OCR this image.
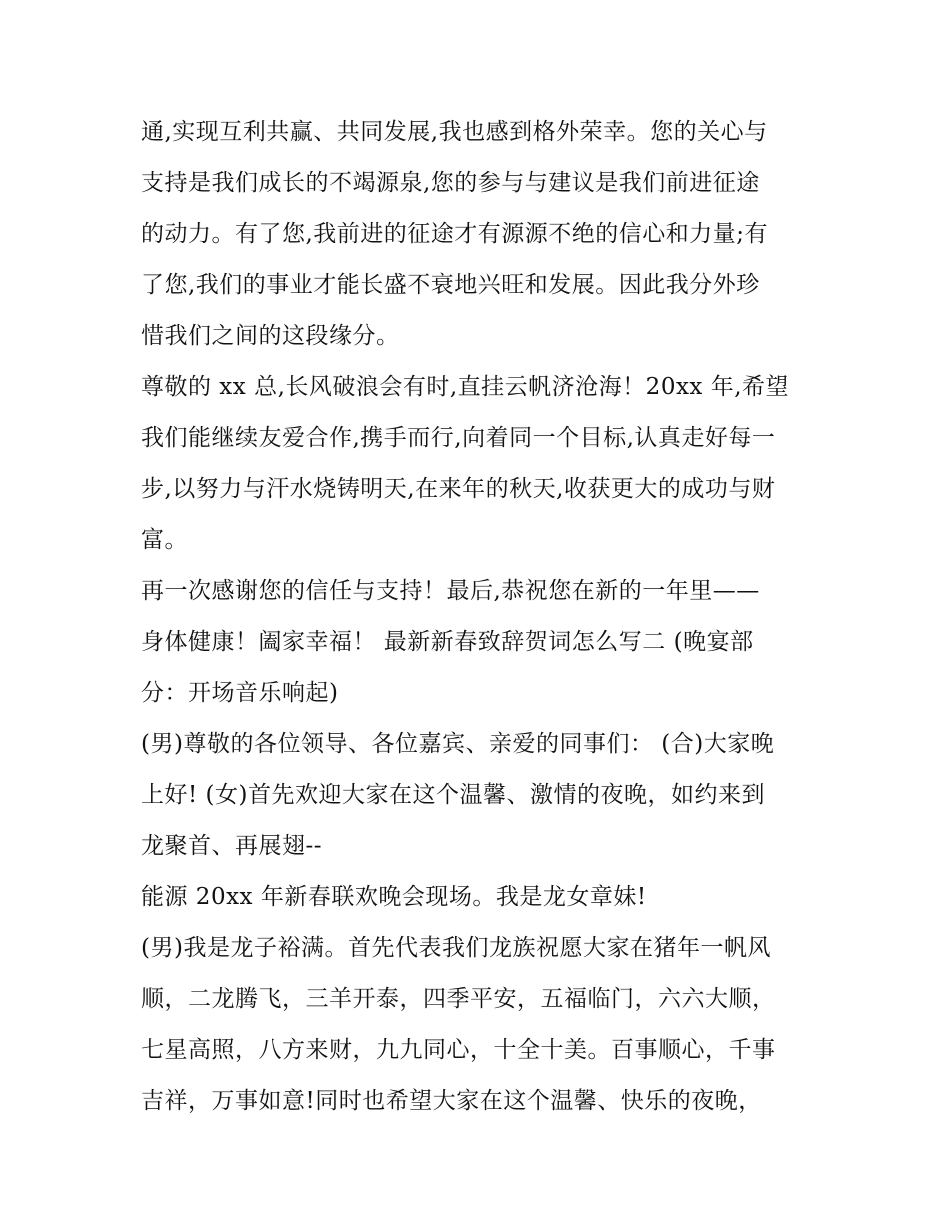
通,实现互利共赢、共同发展,我也感到格外荣幸。您的关心与
支持是我们成长的不竭源泉,您的参与与建议是我们前进征途
的动力。有了您,我前进的征途才有源源不绝的信心和力量;有
了您,我们的事业才能长盛不衰地兴旺和发展。因此我分外珍
惜我们之间的这段缘分。
尊敬的 xx 总,长风破浪会有时,直挂云帆济沧海！20xx 年,希望
我们能继续友爱合作,携手而行,向着同一个目标,认真走好每一
步,以努力与汗水烧铸明天,在来年的秋天,收获更大的成功与财
富。
再一次感谢您的信任与支持！最后,恭祝您在新的一年里——
身体健康！阖家幸福！ 最新新春致辞贺词怎么写二 (晚宴部
分：开场音乐响起)
(男)尊敬的各位领导、各位嘉宾、亲爱的同事们： (合)大家晚
上好! (女)首先欢迎大家在这个温馨、激情的夜晚，如约来到
龙聚首、再展翅--
能源 20xx 年新春联欢晚会现场。我是龙女章妹!
(男)我是龙子裕满。首先代表我们龙族祝愿大家在猪年一帆风
顺，二龙腾飞，三羊开泰，四季平安，五福临门，六六大顺，
七星高照，八方来财，九九同心，十全十美。百事顺心，千事
吉祥，万事如意!同时也希望大家在这个温馨、快乐的夜晚，
